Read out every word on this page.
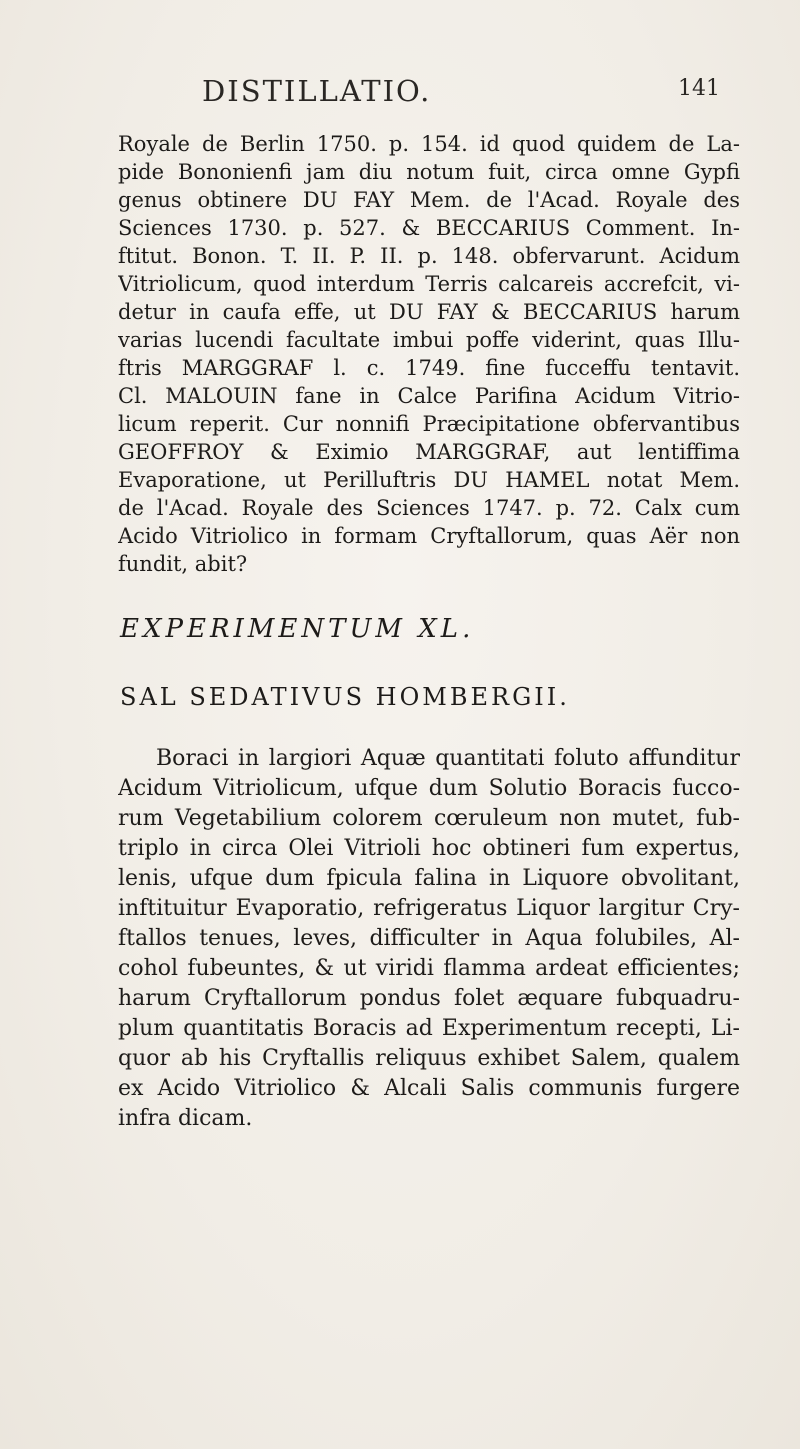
DISTILLATIO.	141
Royale de Berlin 1750. p. 154. id quod quidem de La-
pide Bononienfi jam diu notum fuit, circa omne Gypfi
genus obtinere DU FAY Mem. de l'Acad. Royale des
Sciences 1730. p. 527. & BECCARIUS Comment. In-
ftitut. Bonon. T. II. P. II. p. 148. obfervarunt. Acidum
Vitriolicum, quod interdum Terris calcareis accrefcit, vi-
detur in caufa effe, ut DU FAY & BECCARIUS harum
varias lucendi facultate imbui poffe viderint, quas Illu-
ftris MARGGRAF l. c. 1749. fine fucceffu tentavit.
Cl. MALOUIN fane in Calce Parifina Acidum Vitrio-
licum reperit. Cur nonnifi Præcipitatione obfervantibus
GEOFFROY & Eximio MARGGRAF, aut lentiffima
Evaporatione, ut Perilluftris DU HAMEL notat Mem.
de l'Acad. Royale des Sciences 1747. p. 72. Calx cum
Acido Vitriolico in formam Cryftallorum, quas Aër non
fundit, abit?
EXPERIMENTUM XL.
SAL SEDATIVUS HOMBERGII.
Boraci in largiori Aquæ quantitati foluto affunditur
Acidum Vitriolicum, ufque dum Solutio Boracis fucco-
rum Vegetabilium colorem cœruleum non mutet, fub-
triplo in circa Olei Vitrioli hoc obtineri fum expertus,
lenis, ufque dum fpicula falina in Liquore obvolitant,
inftituitur Evaporatio, refrigeratus Liquor largitur Cry-
ftallos tenues, leves, difficulter in Aqua folubiles, Al-
cohol fubeuntes, & ut viridi flamma ardeat efficientes;
harum Cryftallorum pondus folet æquare fubquadru-
plum quantitatis Boracis ad Experimentum recepti, Li-
quor ab his Cryftallis reliquus exhibet Salem, qualem
ex Acido Vitriolico & Alcali Salis communis furgere
infra dicam.
